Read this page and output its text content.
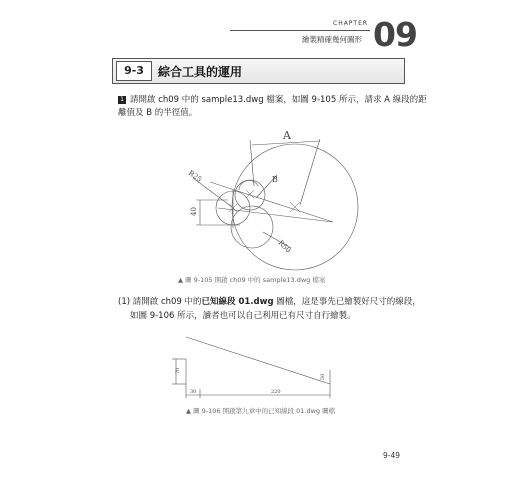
CHAPTER
繪製精確幾何圖形 09
9-3	綜合工具的運用
1 請開啟 ch09 中的 sample13.dwg 檔案，如圖 9-105 所示，請求 A 線段的距
離值及 B 的半徑值。
A
B
R25
40
R50
70
30	220
50
▲ 圖 9-105 開啟 ch09 中的 sample13.dwg 檔案
(1) 請開啟 ch09 中的已知線段 01.dwg 圖檔，這是事先已繪製好尺寸的線段，
如圖 9-106 所示，讀者也可以自己利用已有尺寸自行繪製。
▲ 圖 9-106 開啟第九章中的已知線段 01.dwg 圖檔
9-49
